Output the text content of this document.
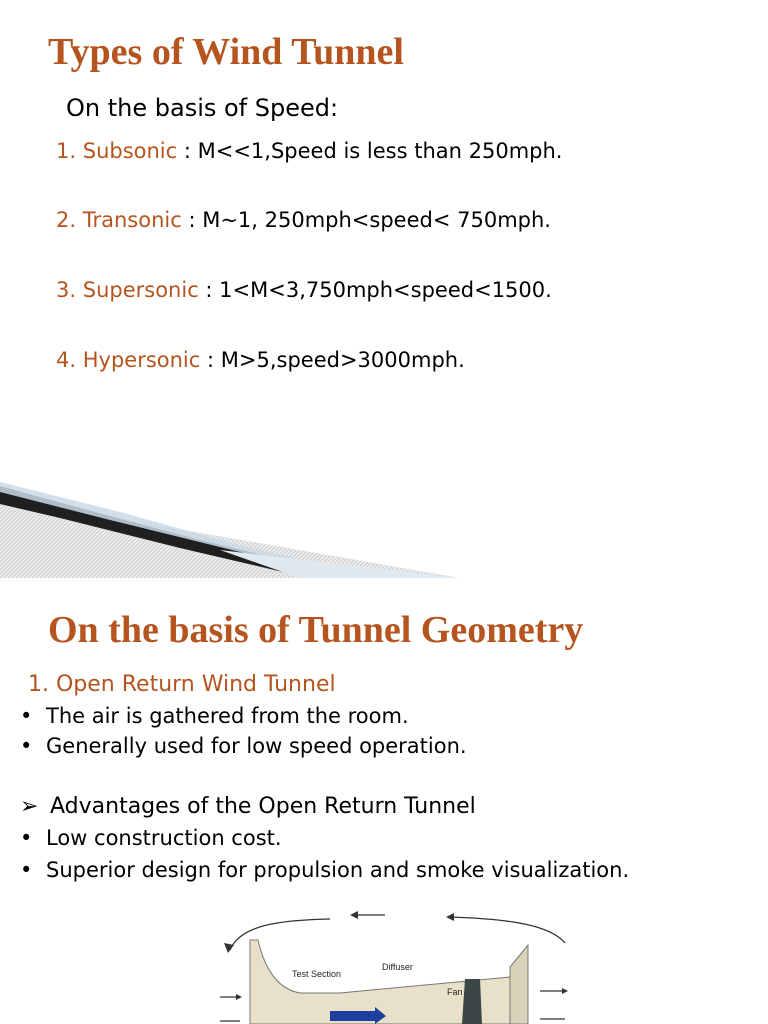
Types of Wind Tunnel
On the basis of Speed:
1. Subsonic : M<<1,Speed is less than 250mph.
2. Transonic : M~1, 250mph<speed< 750mph.
3. Supersonic : 1<M<3,750mph<speed<1500.
4. Hypersonic : M>5,speed>3000mph.
On the basis of Tunnel Geometry
1. Open Return Wind Tunnel
• The air is gathered from the room.
• Generally used for low speed operation.
➢ Advantages of the Open Return Tunnel
• Low construction cost.
• Superior design for propulsion and smoke visualization.
Test Section
Diffuser
Fan
